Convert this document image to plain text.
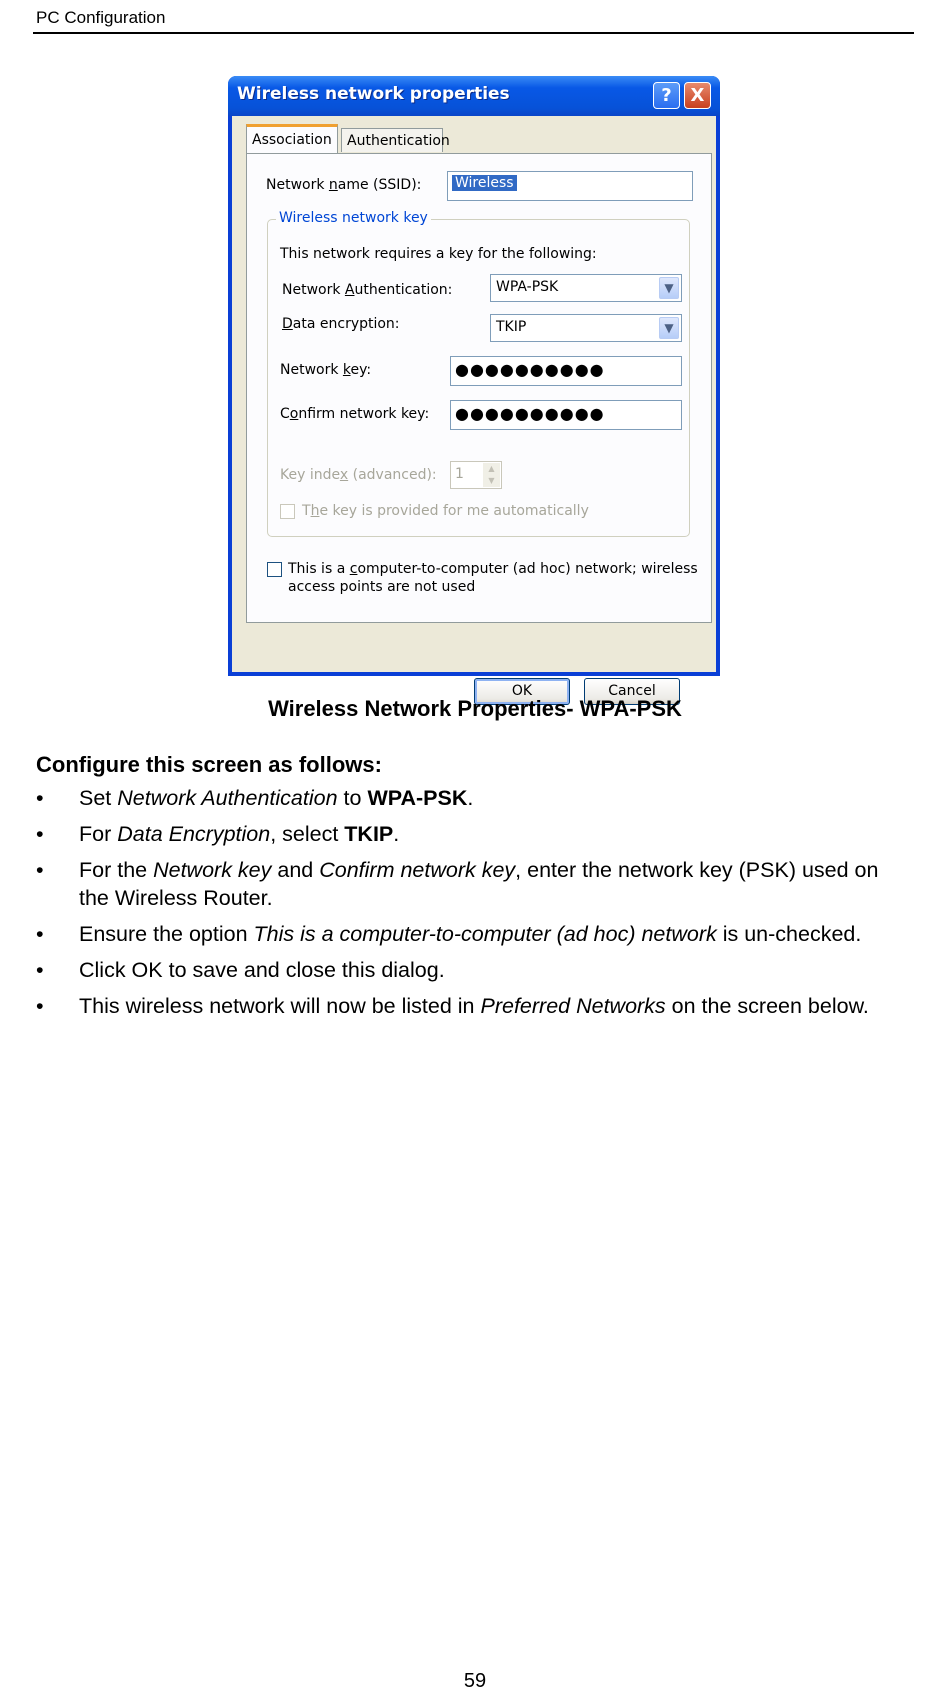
PC Configuration
Wireless network properties	?	X
Authentication
Association
Network name (SSID): Wireless
Wireless network key
This network requires a key for the following:
Network Authentication:	WPA-PSK	▼
Data encryption:	TKIP	▼
Network key:	●●●●●●●●●●
Confirm network key: ●●●●●●●●●●
Key index (advanced): 1	▲
▼
The key is provided for me automatically
This is a computer-to-computer (ad hoc) network; wireless
access points are not used
OK	Cancel
Wireless Network Properties- WPA-PSK
Configure this screen as follows:
• Set Network Authentication to WPA-PSK.
• For Data Encryption, select TKIP.
• For the Network key and Confirm network key, enter the network key (PSK) used on the Wireless Router.
• Ensure the option This is a computer-to-computer (ad hoc) network is un-checked.
• Click OK to save and close this dialog.
• This wireless network will now be listed in Preferred Networks on the screen below.
59
